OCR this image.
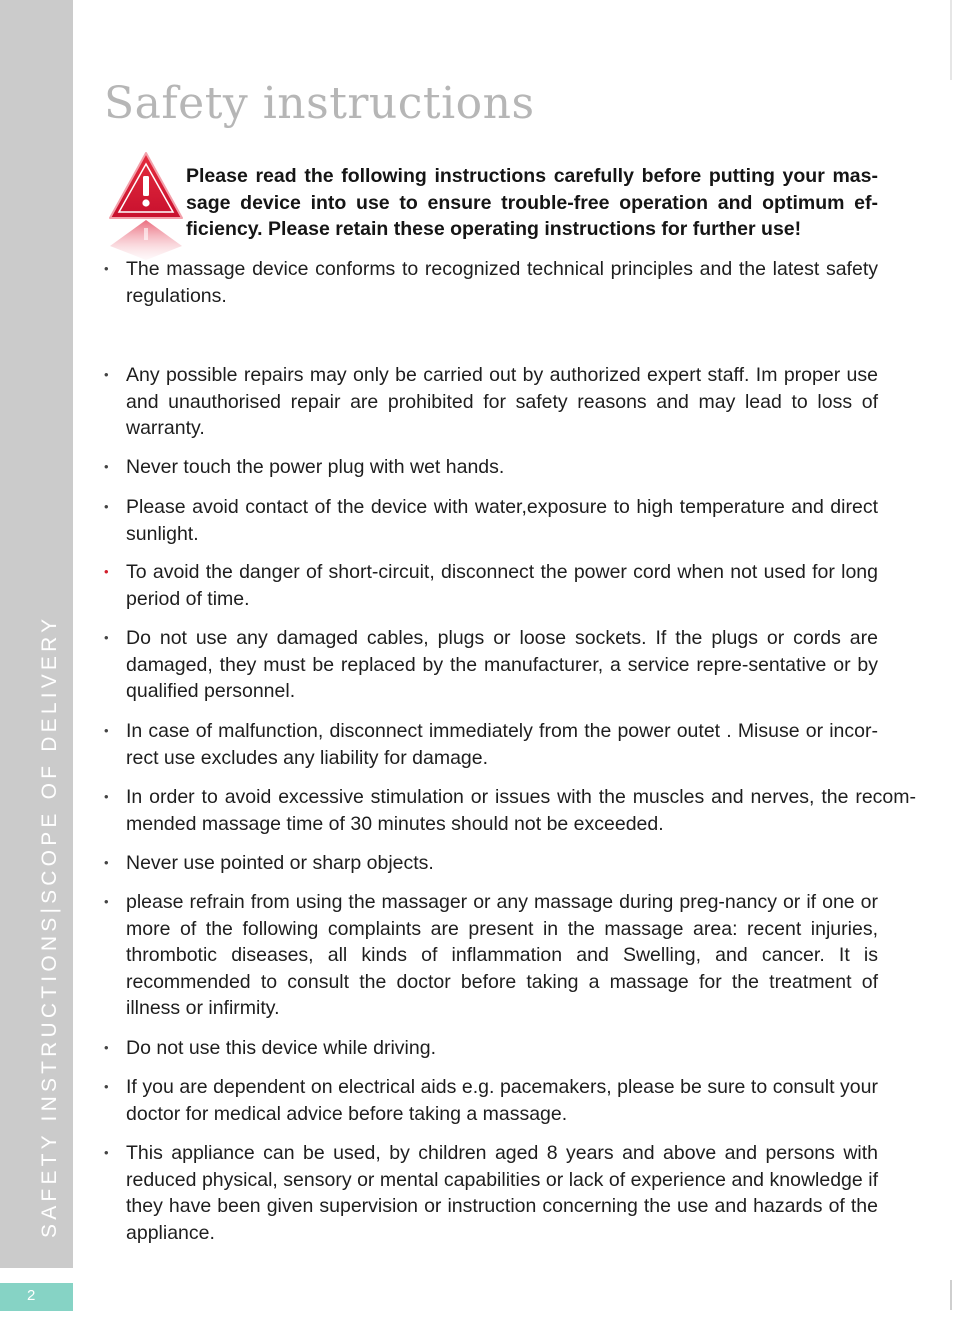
SAFETY INSTRUCTIONS|SCOPE OF DELIVERY
2
Safety instructions

Please read the following instructions carefully before putting your mas-sage device into use to ensure trouble-free operation and optimum ef-ficiency. Please retain these operating instructions for further use!

• The massage device conforms to recognized technical principles and the latest safety regulations.
• Any possible repairs may only be carried out by authorized expert staff. Im proper use and unauthorised repair are prohibited for safety reasons and may lead to loss of warranty.
• Never touch the power plug with wet hands.
• Please avoid contact of the device with water,exposure to high temperature and direct sunlight.
• To avoid the danger of short-circuit, disconnect the power cord when not used for long period of time.
• Do not use any damaged cables, plugs or loose sockets. If the plugs or cords are damaged, they must be replaced by the manufacturer, a service repre-sentative or by qualified personnel.
• In case of malfunction, disconnect immediately from the power outet . Misuse or incor-rect use excludes any liability for damage.
• In order to avoid excessive stimulation or issues with the muscles and nerves, the recom-mended massage time of 30 minutes should not be exceeded.
• Never use pointed or sharp objects.
• please refrain from using the massager or any massage during preg-nancy or if one or more of the following complaints are present in the massage area: recent injuries, thrombotic diseases, all kinds of inflammation and Swelling, and cancer. It is recommended to consult the doctor before taking a massage for the treatment of illness or infirmity.
• Do not use this device while driving.
• If you are dependent on electrical aids e.g. pacemakers, please be sure to consult your doctor for medical advice before taking a massage.
• This appliance can be used, by children aged 8 years and above and persons with reduced physical, sensory or mental capabilities or lack of experience and knowledge if they have been given supervision or instruction concerning the use and hazards of the appliance.
